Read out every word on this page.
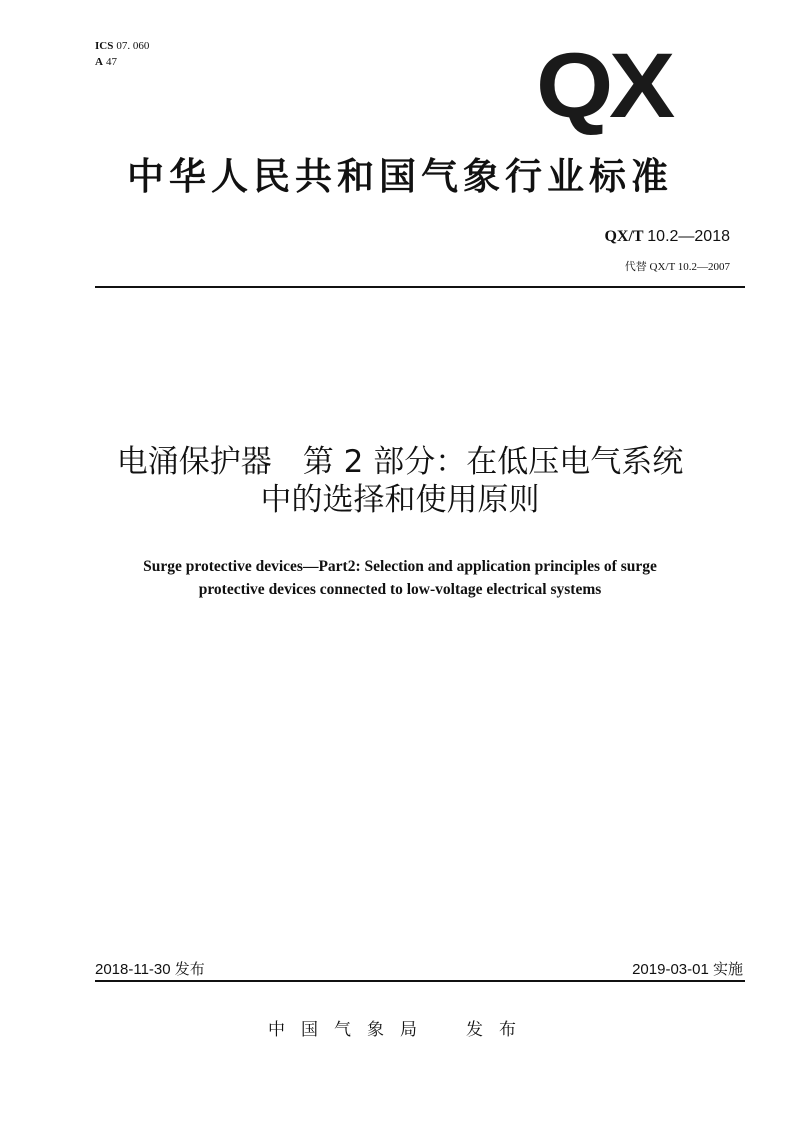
ICS 07. 060
A 47	QX
中华人民共和国气象行业标准
QX/T 10.2—2018
代替 QX/T 10.2—2007
电涌保护器　第 2 部分：在低压电气系统
中的选择和使用原则
Surge protective devices—Part2: Selection and application principles of surge
protective devices connected to low-voltage electrical systems
2018-11-30 发布	2019-03-01 实施
中国气象局　发布
